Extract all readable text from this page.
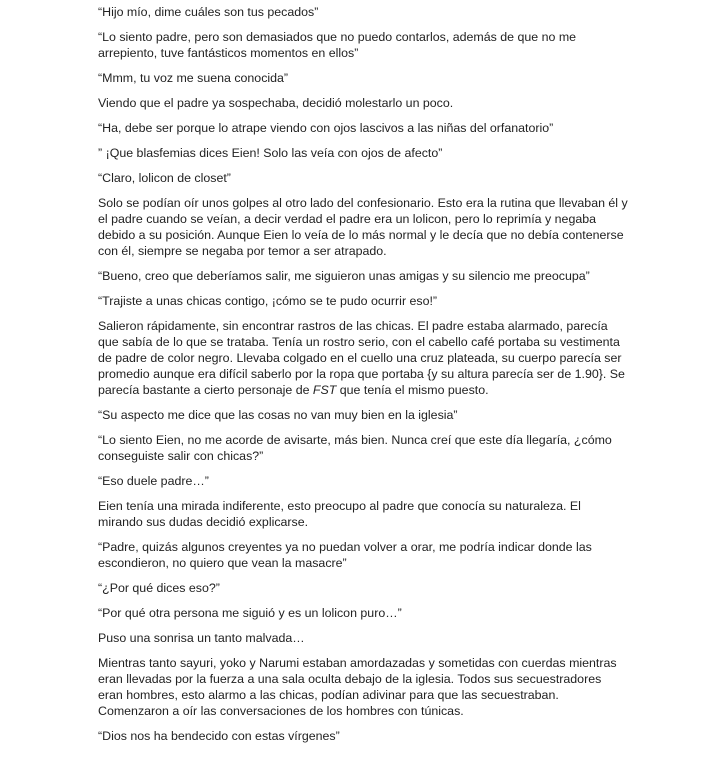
“Hijo mío, dime cuáles son tus pecados”

“Lo siento padre, pero son demasiados que no puedo contarlos, además de que no me arrepiento, tuve fantásticos momentos en ellos”

“Mmm, tu voz me suena conocida”

Viendo que el padre ya sospechaba, decidió molestarlo un poco.

“Ha, debe ser porque lo atrape viendo con ojos lascivos a las niñas del orfanatorio”

” ¡Que blasfemias dices Eien! Solo las veía con ojos de afecto”

“Claro, lolicon de closet”

Solo se podían oír unos golpes al otro lado del confesionario. Esto era la rutina que llevaban él y el padre cuando se veían, a decir verdad el padre era un lolicon, pero lo reprimía y negaba debido a su posición. Aunque Eien lo veía de lo más normal y le decía que no debía contenerse con él, siempre se negaba por temor a ser atrapado.

“Bueno, creo que deberíamos salir, me siguieron unas amigas y su silencio me preocupa”

“Trajiste a unas chicas contigo, ¡cómo se te pudo ocurrir eso!”

Salieron rápidamente, sin encontrar rastros de las chicas. El padre estaba alarmado, parecía que sabía de lo que se trataba. Tenía un rostro serio, con el cabello café portaba su vestimenta de padre de color negro. Llevaba colgado en el cuello una cruz plateada, su cuerpo parecía ser promedio aunque era difícil saberlo por la ropa que portaba {y su altura parecía ser de 1.90}. Se parecía bastante a cierto personaje de FST que tenía el mismo puesto.

“Su aspecto me dice que las cosas no van muy bien en la iglesia”

“Lo siento Eien, no me acorde de avisarte, más bien. Nunca creí que este día llegaría, ¿cómo conseguiste salir con chicas?”

“Eso duele padre…”

Eien tenía una mirada indiferente, esto preocupo al padre que conocía su naturaleza. El mirando sus dudas decidió explicarse.

“Padre, quizás algunos creyentes ya no puedan volver a orar, me podría indicar donde las escondieron, no quiero que vean la masacre”

“¿Por qué dices eso?”

“Por qué otra persona me siguió y es un lolicon puro…”

Puso una sonrisa un tanto malvada…

Mientras tanto sayuri, yoko y Narumi estaban amordazadas y sometidas con cuerdas mientras eran llevadas por la fuerza a una sala oculta debajo de la iglesia. Todos sus secuestradores eran hombres, esto alarmo a las chicas, podían adivinar para que las secuestraban. Comenzaron a oír las conversaciones de los hombres con túnicas.

“Dios nos ha bendecido con estas vírgenes”
